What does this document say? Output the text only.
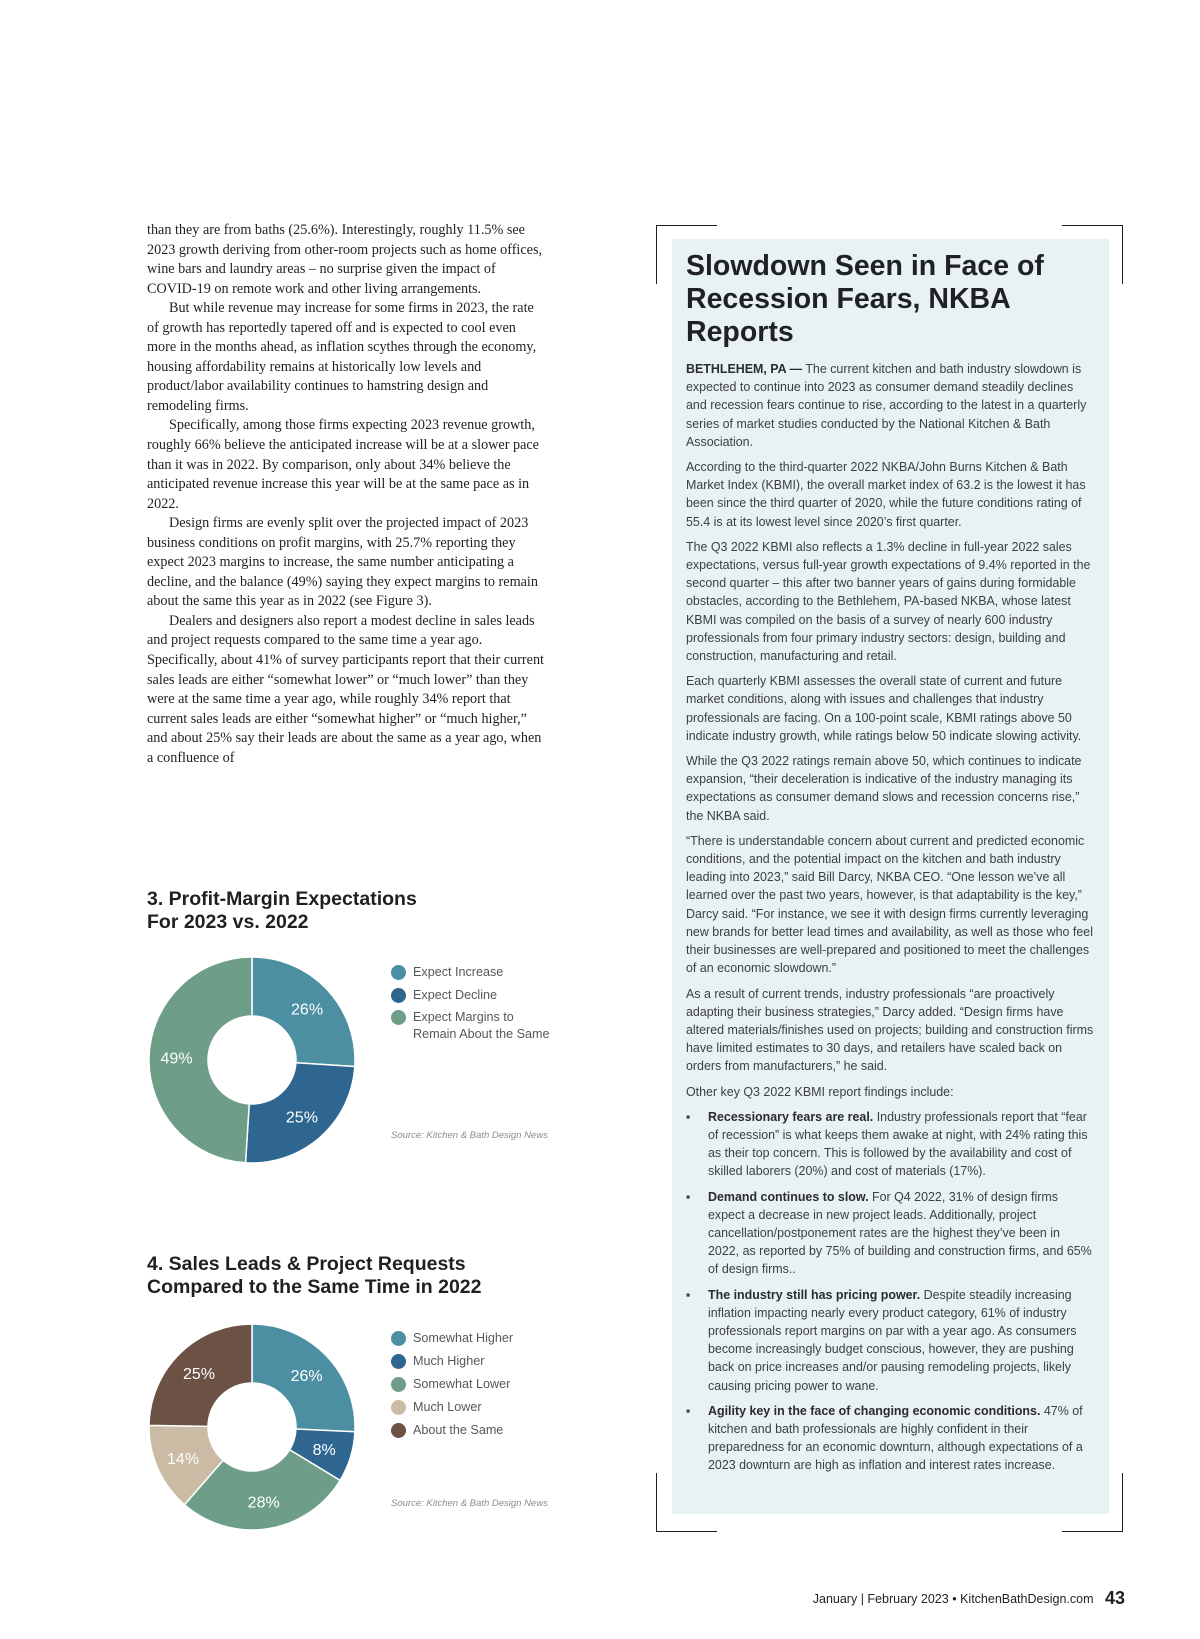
than they are from baths (25.6%). Interestingly, roughly 11.5% see 2023 growth deriving from other-room projects such as home offices, wine bars and laundry areas – no surprise given the impact of COVID-19 on remote work and other living arrangements.

But while revenue may increase for some firms in 2023, the rate of growth has reportedly tapered off and is expected to cool even more in the months ahead, as inflation scythes through the economy, housing affordability remains at historically low levels and product/labor availability continues to hamstring design and remodeling firms.

Specifically, among those firms expecting 2023 revenue growth, roughly 66% believe the anticipated increase will be at a slower pace than it was in 2022. By comparison, only about 34% believe the anticipated revenue increase this year will be at the same pace as in 2022.

Design firms are evenly split over the projected impact of 2023 business conditions on profit margins, with 25.7% reporting they expect 2023 margins to increase, the same number anticipating a decline, and the balance (49%) saying they expect margins to remain about the same this year as in 2022 (see Figure 3).

Dealers and designers also report a modest decline in sales leads and project requests compared to the same time a year ago. Specifically, about 41% of survey participants report that their current sales leads are either “somewhat lower” or “much lower” than they were at the same time a year ago, while roughly 34% report that current sales leads are either “somewhat higher” or “much higher,” and about 25% say their leads are about the same as a year ago, when a confluence of

3. Profit-Margin Expectations
For 2023 vs. 2022
26%
25%
49%
Expect Increase
Expect Decline
Expect Margins to
Remain About the Same
Source: Kitchen & Bath Design News
4. Sales Leads & Project Requests
Compared to the Same Time in 2022
26%
8%
28%
14%
25%
Somewhat Higher
Much Higher
Somewhat Lower
Much Lower
About the Same
Source: Kitchen & Bath Design News
Slowdown Seen in Face of Recession Fears, NKBA Reports

BETHLEHEM, PA — The current kitchen and bath industry slowdown is expected to continue into 2023 as consumer demand steadily declines and recession fears continue to rise, according to the latest in a quarterly series of market studies conducted by the National Kitchen & Bath Association.

According to the third-quarter 2022 NKBA/John Burns Kitchen & Bath Market Index (KBMI), the overall market index of 63.2 is the lowest it has been since the third quarter of 2020, while the future conditions rating of 55.4 is at its lowest level since 2020’s first quarter.

The Q3 2022 KBMI also reflects a 1.3% decline in full-year 2022 sales expectations, versus full-year growth expectations of 9.4% reported in the second quarter – this after two banner years of gains during formidable obstacles, according to the Bethlehem, PA-based NKBA, whose latest KBMI was compiled on the basis of a survey of nearly 600 industry professionals from four primary industry sectors: design, building and construction, manufacturing and retail.

Each quarterly KBMI assesses the overall state of current and future market conditions, along with issues and challenges that industry professionals are facing. On a 100-point scale, KBMI ratings above 50 indicate industry growth, while ratings below 50 indicate slowing activity.

While the Q3 2022 ratings remain above 50, which continues to indicate expansion, “their deceleration is indicative of the industry managing its expectations as consumer demand slows and recession concerns rise,” the NKBA said.

“There is understandable concern about current and predicted economic conditions, and the potential impact on the kitchen and bath industry leading into 2023,” said Bill Darcy, NKBA CEO. “One lesson we’ve all learned over the past two years, however, is that adaptability is the key,” Darcy said. “For instance, we see it with design firms currently leveraging new brands for better lead times and availability, as well as those who feel their businesses are well-prepared and positioned to meet the challenges of an economic slowdown.”

As a result of current trends, industry professionals “are proactively adapting their business strategies,” Darcy added. “Design firms have altered materials/finishes used on projects; building and construction firms have limited estimates to 30 days, and retailers have scaled back on orders from manufacturers,” he said.

Other key Q3 2022 KBMI report findings include:

▪ Recessionary fears are real. Industry professionals report that “fear of recession” is what keeps them awake at night, with 24% rating this as their top concern. This is followed by the availability and cost of skilled laborers (20%) and cost of materials (17%).
▪ Demand continues to slow. For Q4 2022, 31% of design firms expect a decrease in new project leads. Additionally, project cancellation/postponement rates are the highest they’ve been in 2022, as reported by 75% of building and construction firms, and 65% of design firms..
▪ The industry still has pricing power. Despite steadily increasing inflation impacting nearly every product category, 61% of industry professionals report margins on par with a year ago. As consumers become increasingly budget conscious, however, they are pushing back on price increases and/or pausing remodeling projects, likely causing pricing power to wane.
▪ Agility key in the face of changing economic conditions. 47% of kitchen and bath professionals are highly confident in their preparedness for an economic downturn, although expectations of a 2023 downturn are high as inflation and interest rates increase.
January | February 2023 • KitchenBathDesign.com 43
